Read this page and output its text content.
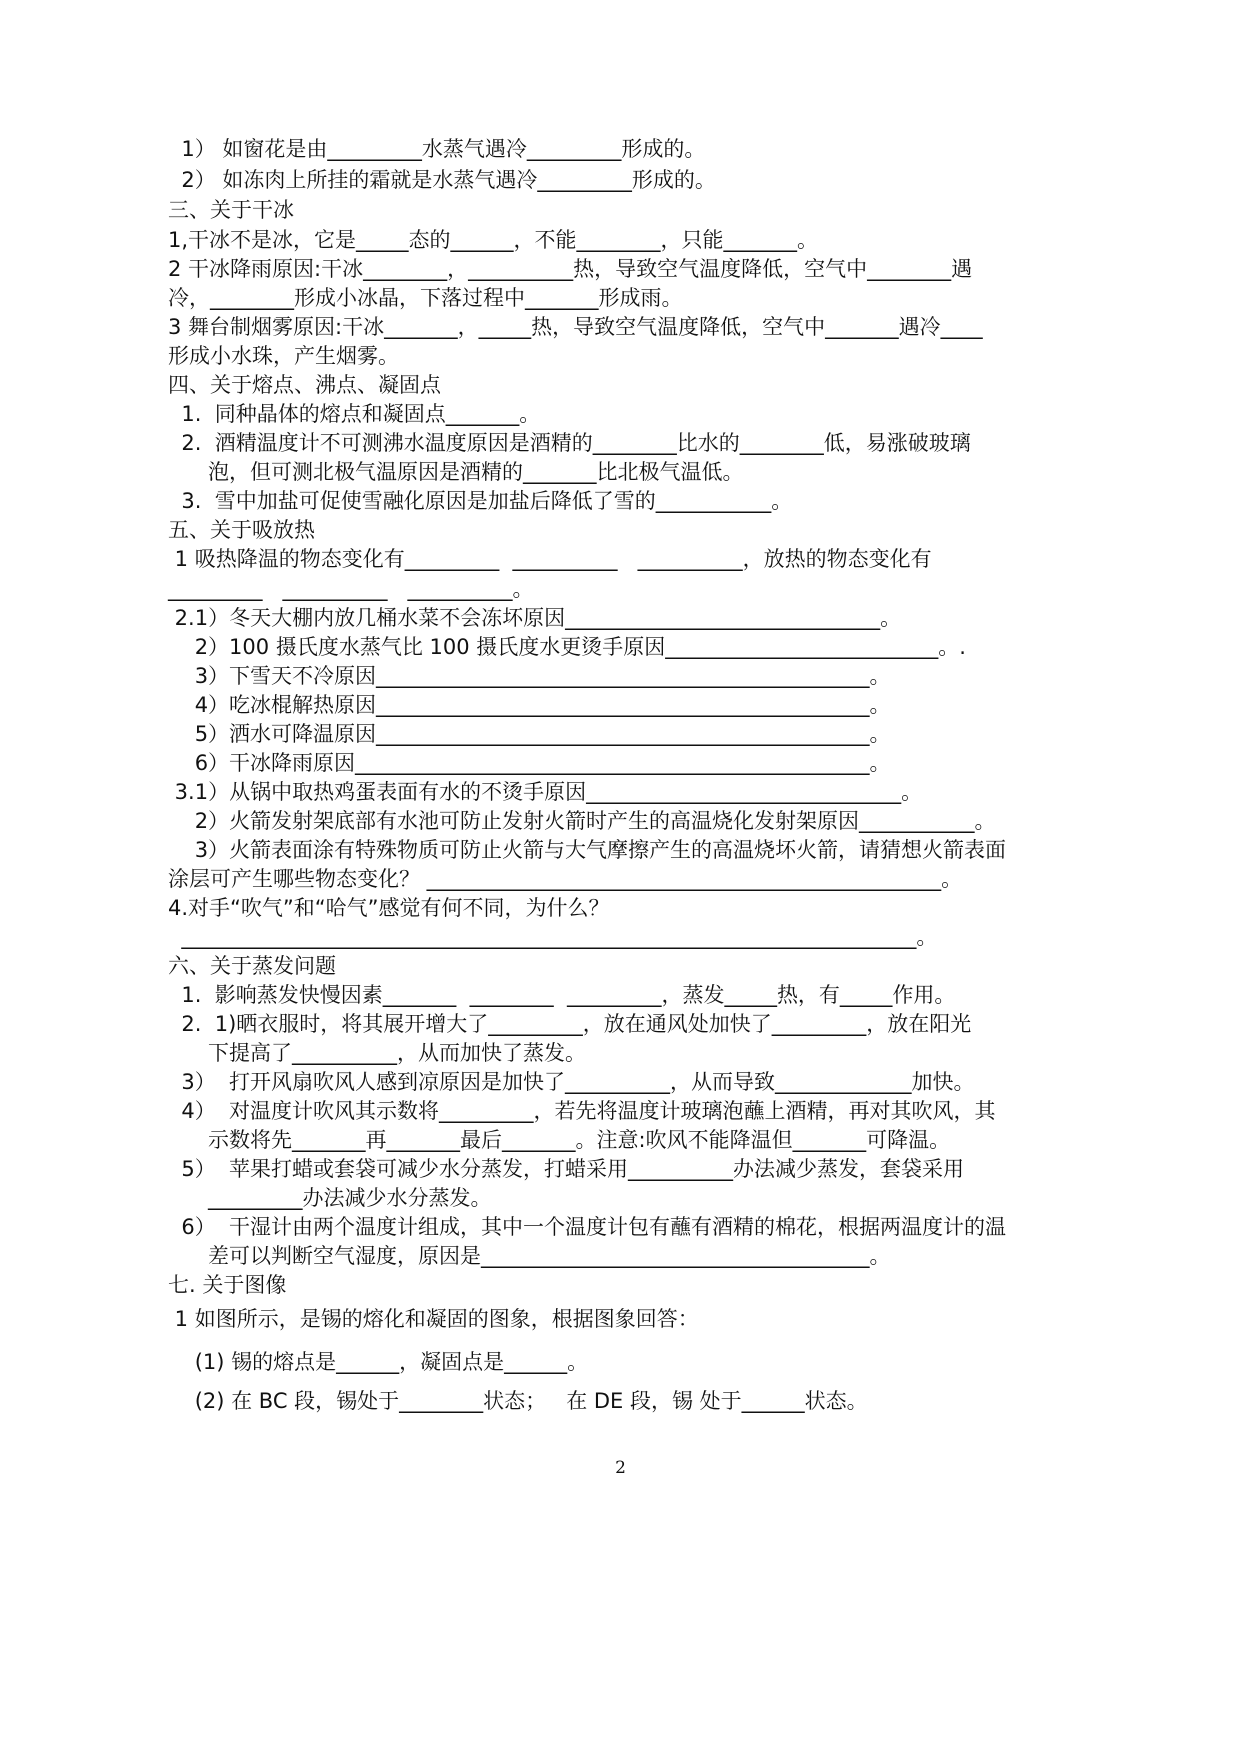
1） 如窗花是由_________水蒸气遇冷_________形成的。
2） 如冻肉上所挂的霜就是水蒸气遇冷_________形成的。
三、关于干冰
1,干冰不是冰，它是_____态的______，不能________，只能_______。
2 干冰降雨原因:干冰________，__________热，导致空气温度降低，空气中________遇
冷，________形成小冰晶，下落过程中_______形成雨。
3 舞台制烟雾原因:干冰_______，_____热，导致空气温度降低，空气中_______遇冷____
形成小水珠，产生烟雾。
四、关于熔点、沸点、凝固点
1.  同种晶体的熔点和凝固点_______。
2.  酒精温度计不可测沸水温度原因是酒精的________比水的________低，易涨破玻璃
泡，但可测北极气温原因是酒精的_______比北极气温低。
3.  雪中加盐可促使雪融化原因是加盐后降低了雪的___________。
五、关于吸放热
1 吸热降温的物态变化有_________  __________   __________，放热的物态变化有
_________   __________   __________。
2.1）冬天大棚内放几桶水菜不会冻坏原因______________________________。
2）100 摄氏度水蒸气比 100 摄氏度水更烫手原因__________________________。.
3）下雪天不冷原因_______________________________________________。
4）吃冰棍解热原因_______________________________________________。
5）洒水可降温原因_______________________________________________。
6）干冰降雨原因_________________________________________________。
3.1）从锅中取热鸡蛋表面有水的不烫手原因______________________________。
2）火箭发射架底部有水池可防止发射火箭时产生的高温烧化发射架原因___________。
3）火箭表面涂有特殊物质可防止火箭与大气摩擦产生的高温烧坏火箭，请猜想火箭表面
涂层可产生哪些物态变化？ _________________________________________________。
4.对手“吹气”和“哈气”感觉有何不同，为什么？
______________________________________________________________________。
六、关于蒸发问题
1.  影响蒸发快慢因素_______  ________  _________，蒸发_____热，有_____作用。
2.  1)晒衣服时，将其展开增大了_________，放在通风处加快了_________，放在阳光
下提高了__________，从而加快了蒸发。
3）  打开风扇吹风人感到凉原因是加快了__________，从而导致_____________加快。
4）  对温度计吹风其示数将_________，若先将温度计玻璃泡蘸上酒精，再对其吹风，其
示数将先_______再_______最后_______。注意:吹风不能降温但_______可降温。
5）  苹果打蜡或套袋可减少水分蒸发，打蜡采用__________办法减少蒸发，套袋采用
_________办法减少水分蒸发。
6）  干湿计由两个温度计组成，其中一个温度计包有蘸有酒精的棉花，根据两温度计的温
差可以判断空气湿度，原因是_____________________________________。
七. 关于图像
1 如图所示，是锡的熔化和凝固的图象，根据图象回答：
(1) 锡的熔点是______，凝固点是______。
(2) 在 BC 段，锡处于________状态；   在 DE 段，锡 处于______状态。
2
